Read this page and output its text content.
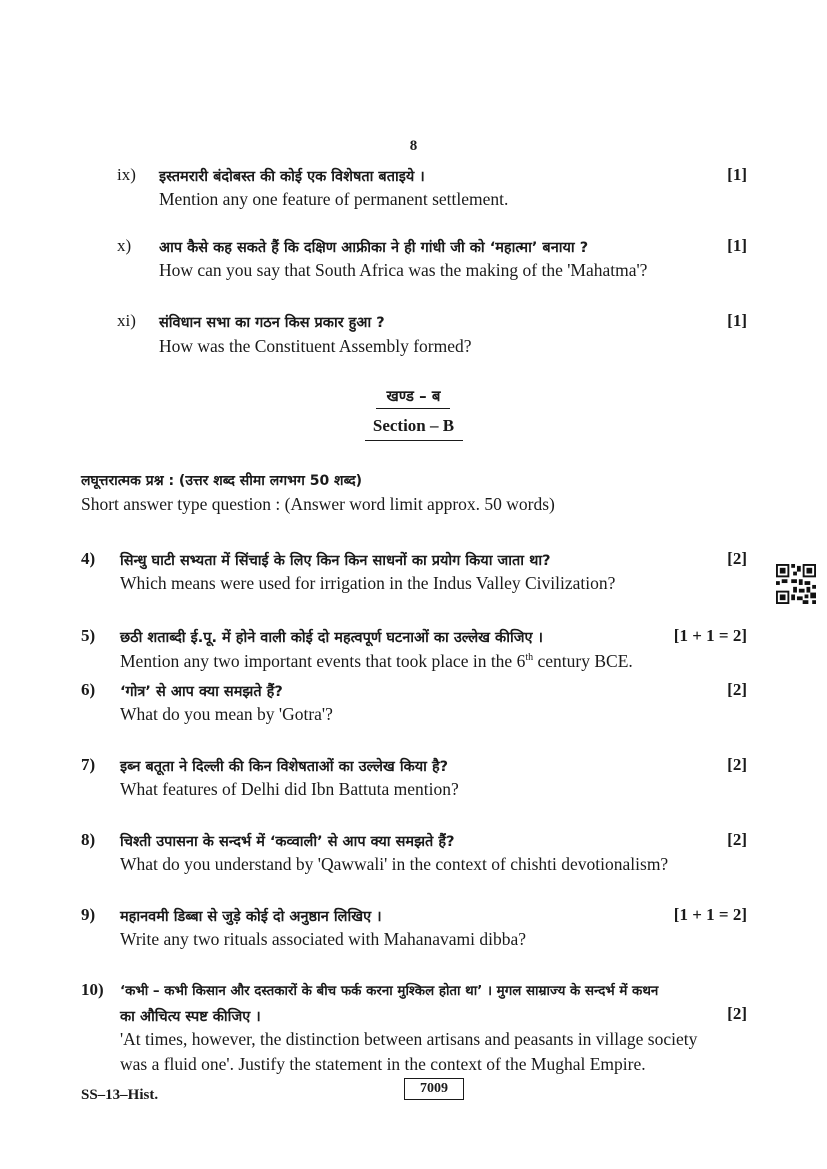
8
ix) इस्तमरारी बंदोबस्त की कोई एक विशेषता बताइये ।	[1]
Mention any one feature of permanent settlement.
x) आप कैसे कह सकते हैं कि दक्षिण आफ्रीका ने ही गांधी जी को ‘महात्मा’ बनाया ?	[1]
How can you say that South Africa was the making of the 'Mahatma'?
xi) संविधान सभा का गठन किस प्रकार हुआ ?	[1]
How was the Constituent Assembly formed?
खण्ड – ब
Section – B
लघूत्तरात्मक प्रश्न : (उत्तर शब्द सीमा लगभग 50 शब्द)
Short answer type question : (Answer word limit approx. 50 words)
4) सिन्धु घाटी सभ्यता में सिंचाई के लिए किन किन साधनों का प्रयोग किया जाता था?	[2]
Which means were used for irrigation in the Indus Valley Civilization?
5) छठी शताब्दी ई.पू. में होने वाली कोई दो महत्वपूर्ण घटनाओं का उल्लेख कीजिए ।	[1 + 1 = 2]
Mention any two important events that took place in the 6th century BCE.
6) ‘गोत्र’ से आप क्या समझते हैं?	[2]
What do you mean by 'Gotra'?
7) इब्न बतूता ने दिल्ली की किन विशेषताओं का उल्लेख किया है?	[2]
What features of Delhi did Ibn Battuta mention?
8) चिश्ती उपासना के सन्दर्भ में ‘कव्वाली’ से आप क्या समझते हैं?	[2]
What do you understand by 'Qawwali' in the context of chishti devotionalism?
9) महानवमी डिब्बा से जुड़े कोई दो अनुष्ठान लिखिए ।	[1 + 1 = 2]
Write any two rituals associated with Mahanavami dibba?
10) ‘कभी – कभी किसान और दस्तकारों के बीच फर्क करना मुश्किल होता था’ । मुगल साम्राज्य के सन्दर्भ में कथन
का औचित्य स्पष्ट कीजिए ।	[2]
'At times, however, the distinction between artisans and peasants in village society
was a fluid one'. Justify the statement in the context of the Mughal Empire.
SS–13–Hist.	7009
